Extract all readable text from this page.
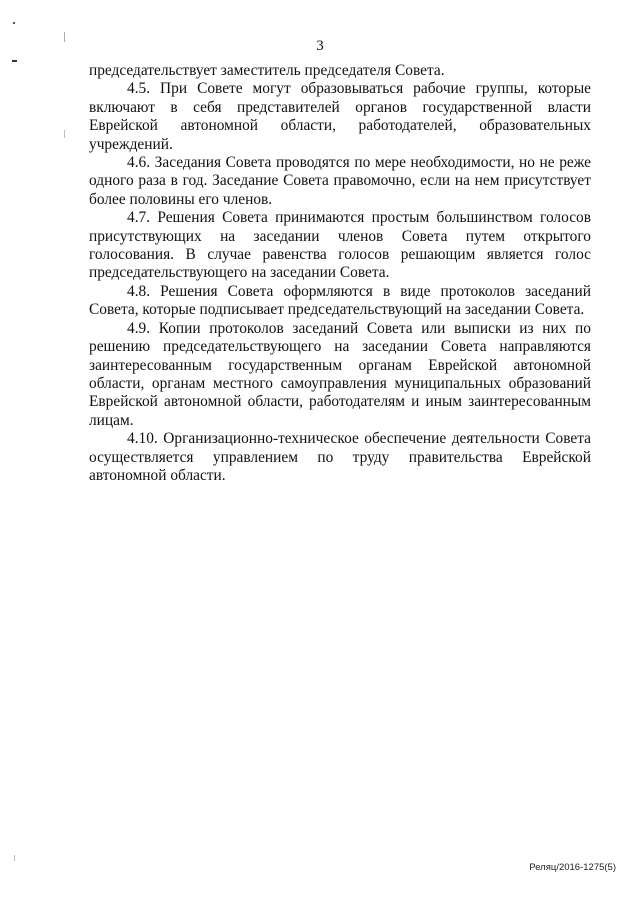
3

председательствует заместитель председателя Совета.

4.5. При Совете могут образовываться рабочие группы, которые включают в себя представителей органов государственной власти Еврейской автономной области, работодателей, образовательных учреждений.

4.6. Заседания Совета проводятся по мере необходимости, но не реже одного раза в год. Заседание Совета правомочно, если на нем присутствует более половины его членов.

4.7. Решения Совета принимаются простым большинством голосов присутствующих на заседании членов Совета путем открытого голосования. В случае равенства голосов решающим является голос

председательствующего на заседании Совета.

4.8. Решения Совета оформляются в виде протоколов заседаний Совета, которые подписывает председательствующий на заседании Совета.

4.9. Копии протоколов заседаний Совета или выписки из них по решению председательствующего на заседании Совета направляются заинтересованным государственным органам Еврейской автономной области, органам местного самоуправления муниципальных образований Еврейской автономной области, работодателям и иным заинтересованным лицам.

4.10. Организационно-техническое обеспечение деятельности Совета осуществляется управлением по труду правительства Еврейской автономной области.

Реляц/2016-1275(5)
